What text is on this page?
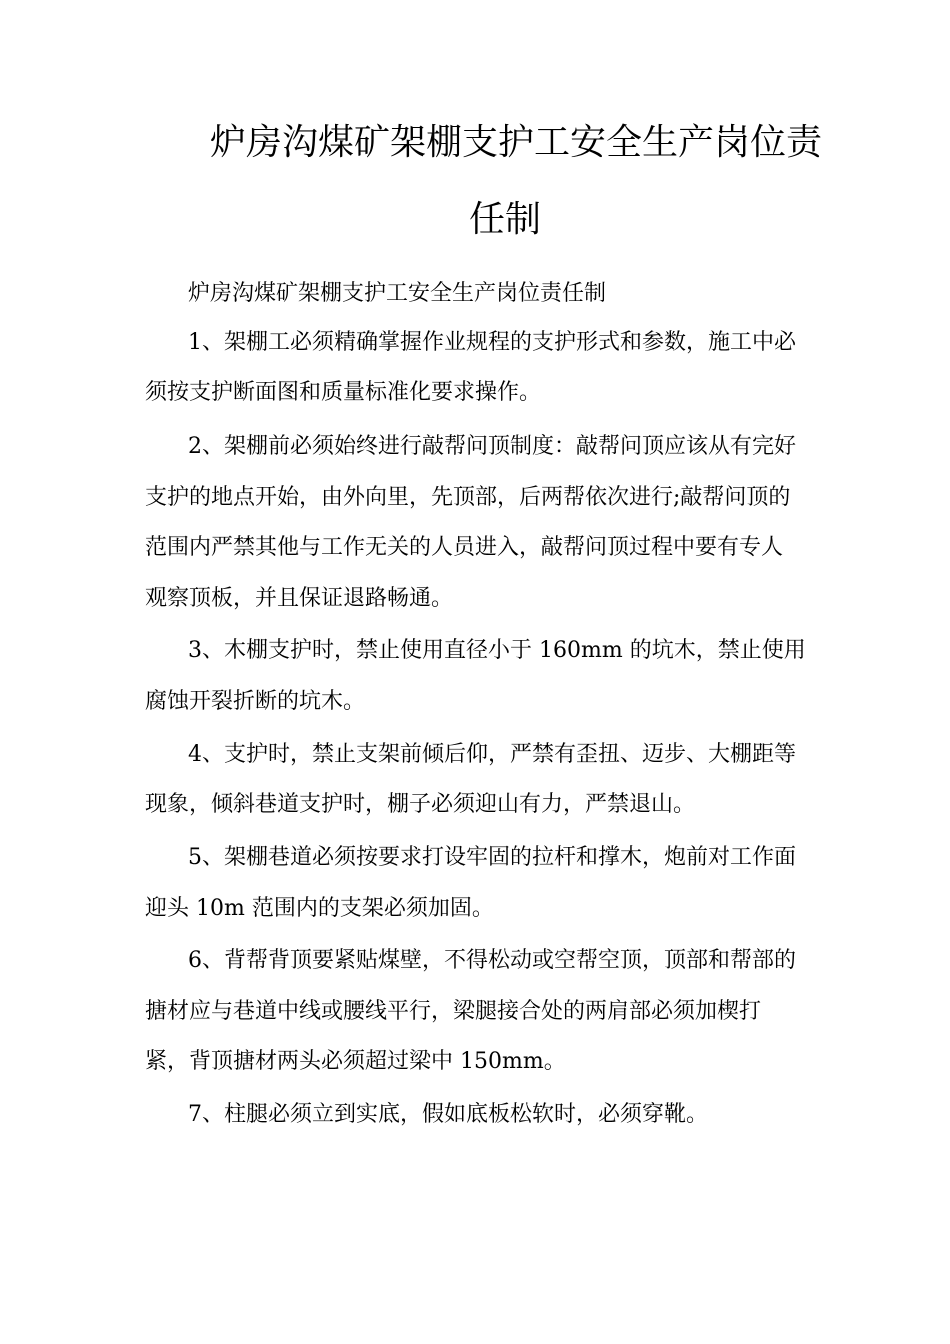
炉房沟煤矿架棚支护工安全生产岗位责
任制
炉房沟煤矿架棚支护工安全生产岗位责任制
1、架棚工必须精确掌握作业规程的支护形式和参数，施工中必
须按支护断面图和质量标准化要求操作。
2、架棚前必须始终进行敲帮问顶制度：敲帮问顶应该从有完好
支护的地点开始，由外向里，先顶部，后两帮依次进行;敲帮问顶的
范围内严禁其他与工作无关的人员进入，敲帮问顶过程中要有专人
观察顶板，并且保证退路畅通。
3、木棚支护时，禁止使用直径小于 160mm 的坑木，禁止使用
腐蚀开裂折断的坑木。
4、支护时，禁止支架前倾后仰，严禁有歪扭、迈步、大棚距等
现象，倾斜巷道支护时，棚子必须迎山有力，严禁退山。
5、架棚巷道必须按要求打设牢固的拉杆和撑木，炮前对工作面
迎头 10m 范围内的支架必须加固。
6、背帮背顶要紧贴煤壁，不得松动或空帮空顶，顶部和帮部的
搪材应与巷道中线或腰线平行，梁腿接合处的两肩部必须加楔打
紧，背顶搪材两头必须超过梁中 150mm。
7、柱腿必须立到实底，假如底板松软时，必须穿靴。
